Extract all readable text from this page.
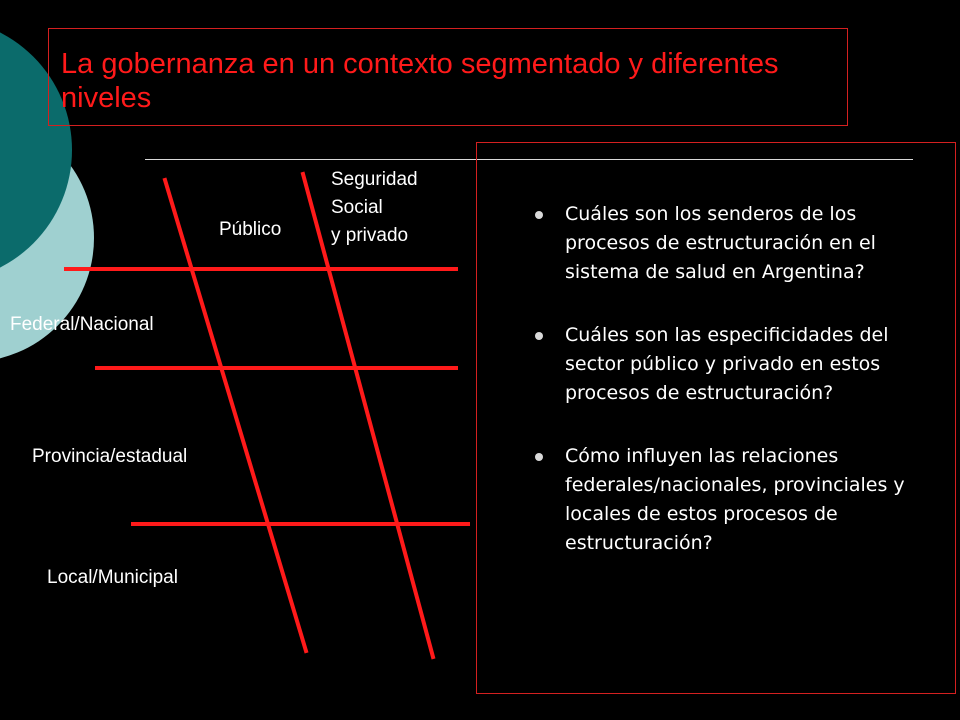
La gobernanza en un contexto segmentado y diferentes niveles

Seguridad
Social
y privado

Público

Federal/Nacional

Provincia/estadual

Local/Municipal

Cuáles son los senderos de los procesos de estructuración en el sistema de salud en Argentina?
Cuáles son las especificidades del sector público y privado en estos procesos de estructuración?
Cómo influyen las relaciones federales/nacionales, provinciales y locales de estos procesos de estructuración?
